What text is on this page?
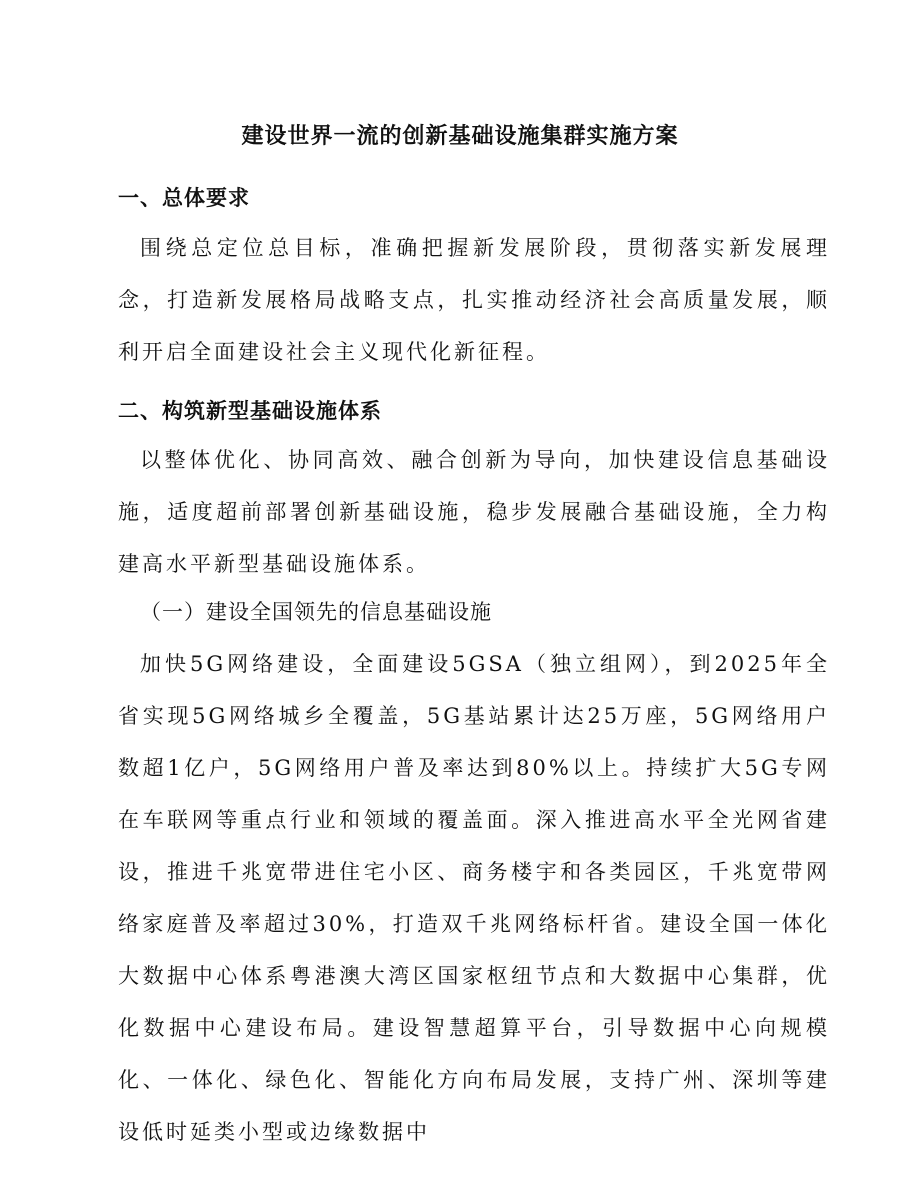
建设世界一流的创新基础设施集群实施方案
一、总体要求

围绕总定位总目标，准确把握新发展阶段，贯彻落实新发展理念，打造新发展格局战略支点，扎实推动经济社会高质量发展，顺利开启全面建设社会主义现代化新征程。

二、构筑新型基础设施体系

以整体优化、协同高效、融合创新为导向，加快建设信息基础设施，适度超前部署创新基础设施，稳步发展融合基础设施，全力构建高水平新型基础设施体系。

（一）建设全国领先的信息基础设施

加快5G网络建设，全面建设5GSA（独立组网），到2025年全省实现5G网络城乡全覆盖，5G基站累计达25万座，5G网络用户数超1亿户，5G网络用户普及率达到80%以上。持续扩大5G专网在车联网等重点行业和领域的覆盖面。深入推进高水平全光网省建设，推进千兆宽带进住宅小区、商务楼宇和各类园区，千兆宽带网络家庭普及率超过30%，打造双千兆网络标杆省。建设全国一体化大数据中心体系粤港澳大湾区国家枢纽节点和大数据中心集群，优化数据中心建设布局。建设智慧超算平台，引导数据中心向规模化、一体化、绿色化、智能化方向布局发展，支持广州、深圳等建设低时延类小型或边缘数据中
